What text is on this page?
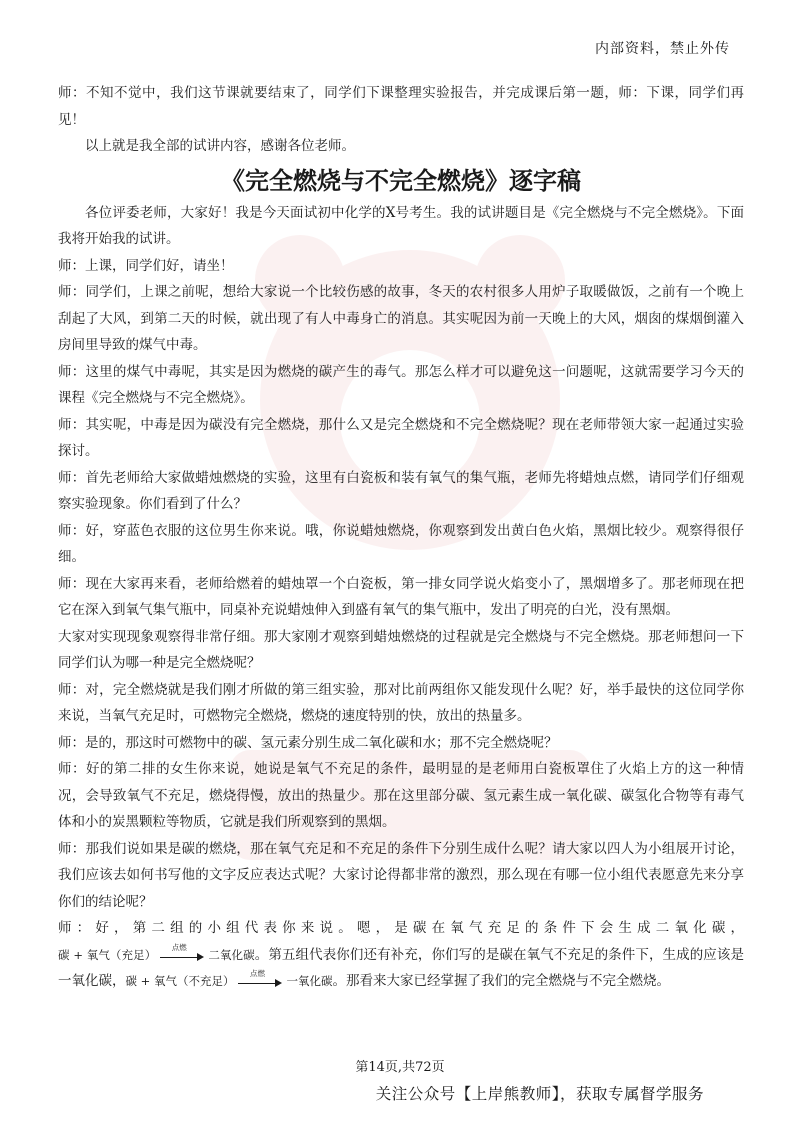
内部资料，禁止外传

师：不知不觉中，我们这节课就要结束了，同学们下课整理实验报告，并完成课后第一题，师：下课，同学们再见！

以上就是我全部的试讲内容，感谢各位老师。

《完全燃烧与不完全燃烧》逐字稿

各位评委老师，大家好！我是今天面试初中化学的X号考生。我的试讲题目是《完全燃烧与不完全燃烧》。下面我将开始我的试讲。

师：上课，同学们好，请坐！

师：同学们，上课之前呢，想给大家说一个比较伤感的故事，冬天的农村很多人用炉子取暖做饭，之前有一个晚上刮起了大风，到第二天的时候，就出现了有人中毒身亡的消息。其实呢因为前一天晚上的大风，烟囱的煤烟倒灌入房间里导致的煤气中毒。

师：这里的煤气中毒呢，其实是因为燃烧的碳产生的毒气。那怎么样才可以避免这一问题呢，这就需要学习今天的课程《完全燃烧与不完全燃烧》。

师：其实呢，中毒是因为碳没有完全燃烧，那什么又是完全燃烧和不完全燃烧呢？现在老师带领大家一起通过实验探讨。

师：首先老师给大家做蜡烛燃烧的实验，这里有白瓷板和装有氧气的集气瓶，老师先将蜡烛点燃，请同学们仔细观察实验现象。你们看到了什么？

师：好，穿蓝色衣服的这位男生你来说。哦，你说蜡烛燃烧，你观察到发出黄白色火焰，黑烟比较少。观察得很仔细。

师：现在大家再来看，老师给燃着的蜡烛罩一个白瓷板，第一排女同学说火焰变小了，黑烟增多了。那老师现在把它在深入到氧气集气瓶中，同桌补充说蜡烛伸入到盛有氧气的集气瓶中，发出了明亮的白光，没有黑烟。

大家对实现现象观察得非常仔细。那大家刚才观察到蜡烛燃烧的过程就是完全燃烧与不完全燃烧。那老师想问一下同学们认为哪一种是完全燃烧呢？

师：对，完全燃烧就是我们刚才所做的第三组实验，那对比前两组你又能发现什么呢？好，举手最快的这位同学你来说，当氧气充足时，可燃物完全燃烧，燃烧的速度特别的快，放出的热量多。

师：是的，那这时可燃物中的碳、氢元素分别生成二氧化碳和水；那不完全燃烧呢？

师：好的第二排的女生你来说，她说是氧气不充足的条件，最明显的是老师用白瓷板罩住了火焰上方的这一种情况，会导致氧气不充足，燃烧得慢，放出的热量少。那在这里部分碳、氢元素生成一氧化碳、碳氢化合物等有毒气体和小的炭黑颗粒等物质，它就是我们所观察到的黑烟。

师：那我们说如果是碳的燃烧，那在氧气充足和不充足的条件下分别生成什么呢？请大家以四人为小组展开讨论，我们应该去如何书写他的文字反应表达式呢？大家讨论得都非常的激烈，那么现在有哪一位小组代表愿意先来分享你们的结论呢？

师：好，第二组的小组代表你来说。嗯，是碳在氧气充足的条件下会生成二氧化碳，碳 + 氧气（充足）
点燃
二氧化碳。第五组代表你们还有补充，你们写的是碳在氧气不充足的条件下，生成的应该是一氧化碳，碳 + 氧气（不充足）
点燃
一氧化碳。那看来大家已经掌握了我们的完全燃烧与不完全燃烧。

第14页,共72页
关注公众号【上岸熊教师】，获取专属督学服务
